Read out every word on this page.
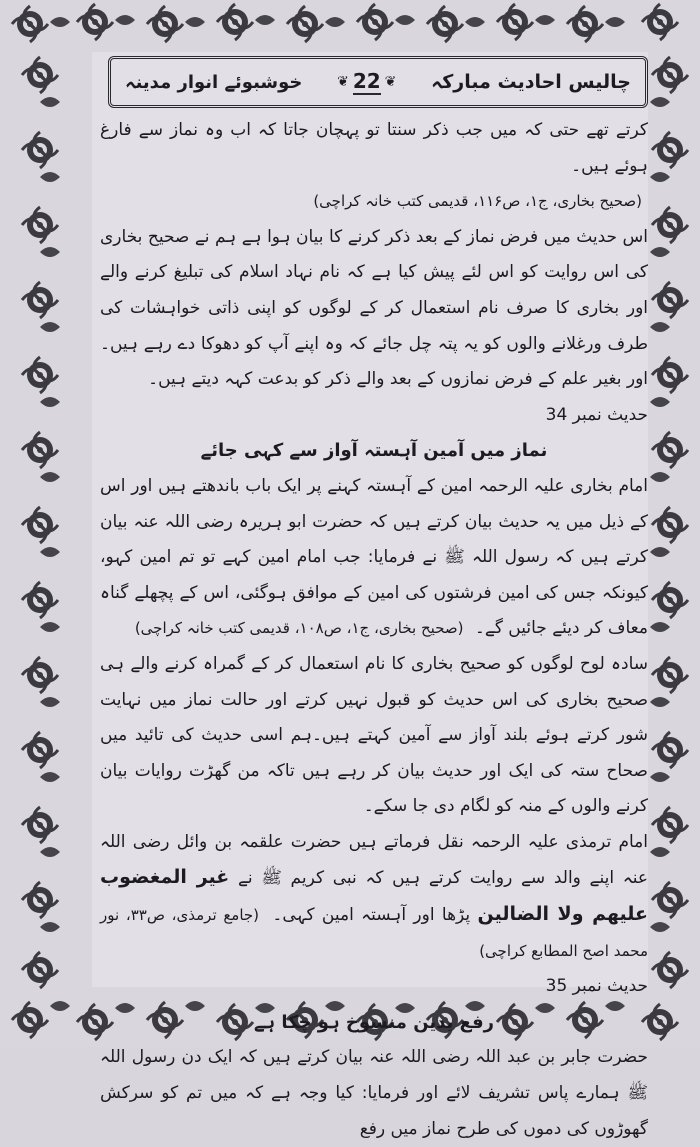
چالیس احادیث مبارکہ
❦
22
❦
خوشبوئے انوار مدینہ

کرتے تھے حتی کہ میں جب ذکر سنتا تو پہچان جاتا کہ اب وہ نماز سے فارغ ہوئے ہیں۔

(صحیح بخاری، ج۱، ص۱۱۶، قدیمی کتب خانہ کراچی)

اس حدیث میں فرض نماز کے بعد ذکر کرنے کا بیان ہوا ہے ہم نے صحیح بخاری کی اس روایت کو اس لئے پیش کیا ہے کہ نام نہاد اسلام کی تبلیغ کرنے والے اور بخاری کا صرف نام استعمال کر کے لوگوں کو اپنی ذاتی خواہشات کی طرف ورغلانے والوں کو یہ پتہ چل جائے کہ وہ اپنے آپ کو دھوکا دے رہے ہیں۔اور بغیر علم کے فرض نمازوں کے بعد والے ذکر کو بدعت کہہ دیتے ہیں۔

حدیث نمبر 34

نماز میں آمین آہستہ آواز سے کہی جائے

امام بخاری علیہ الرحمہ امین کے آہستہ کہنے پر ایک باب باندھتے ہیں اور اس کے ذیل میں یہ حدیث بیان کرتے ہیں کہ حضرت ابو ہریرہ رضی اللہ عنہ بیان کرتے ہیں کہ رسول اللہ ﷺ نے فرمایا: جب امام امین کہے تو تم امین کہو، کیونکہ جس کی امین فرشتوں کی امین کے موافق ہوگئی، اس کے پچھلے گناہ معاف کر دیئے جائیں گے۔ (صحیح بخاری، ج۱، ص۱۰۸، قدیمی کتب خانہ کراچی)

سادہ لوح لوگوں کو صحیح بخاری کا نام استعمال کر کے گمراہ کرنے والے ہی صحیح بخاری کی اس حدیث کو قبول نہیں کرتے اور حالت نماز میں نہایت شور کرتے ہوئے بلند آواز سے آمین کہتے ہیں۔ہم اسی حدیث کی تائید میں صحاح ستہ کی ایک اور حدیث بیان کر رہے ہیں تاکہ من گھڑت روایات بیان کرنے والوں کے منہ کو لگام دی جا سکے۔

امام ترمذی علیہ الرحمہ نقل فرماتے ہیں حضرت علقمہ بن وائل رضی اللہ عنہ اپنے والد سے روایت کرتے ہیں کہ نبی کریم ﷺ نے غیر المغضوب علیھم ولا الضالین پڑھا اور آہستہ امین کہی۔ (جامع ترمذی، ص۳۳، نور محمد اصح المطابع کراچی)

حدیث نمبر 35

رفع یدین منسوخ ہو چکا ہے

حضرت جابر بن عبد اللہ رضی اللہ عنہ بیان کرتے ہیں کہ ایک دن رسول اللہ ﷺ ہمارے پاس تشریف لائے اور فرمایا: کیا وجہ ہے کہ میں تم کو سرکش گھوڑوں کی دموں کی طرح نماز میں رفع
